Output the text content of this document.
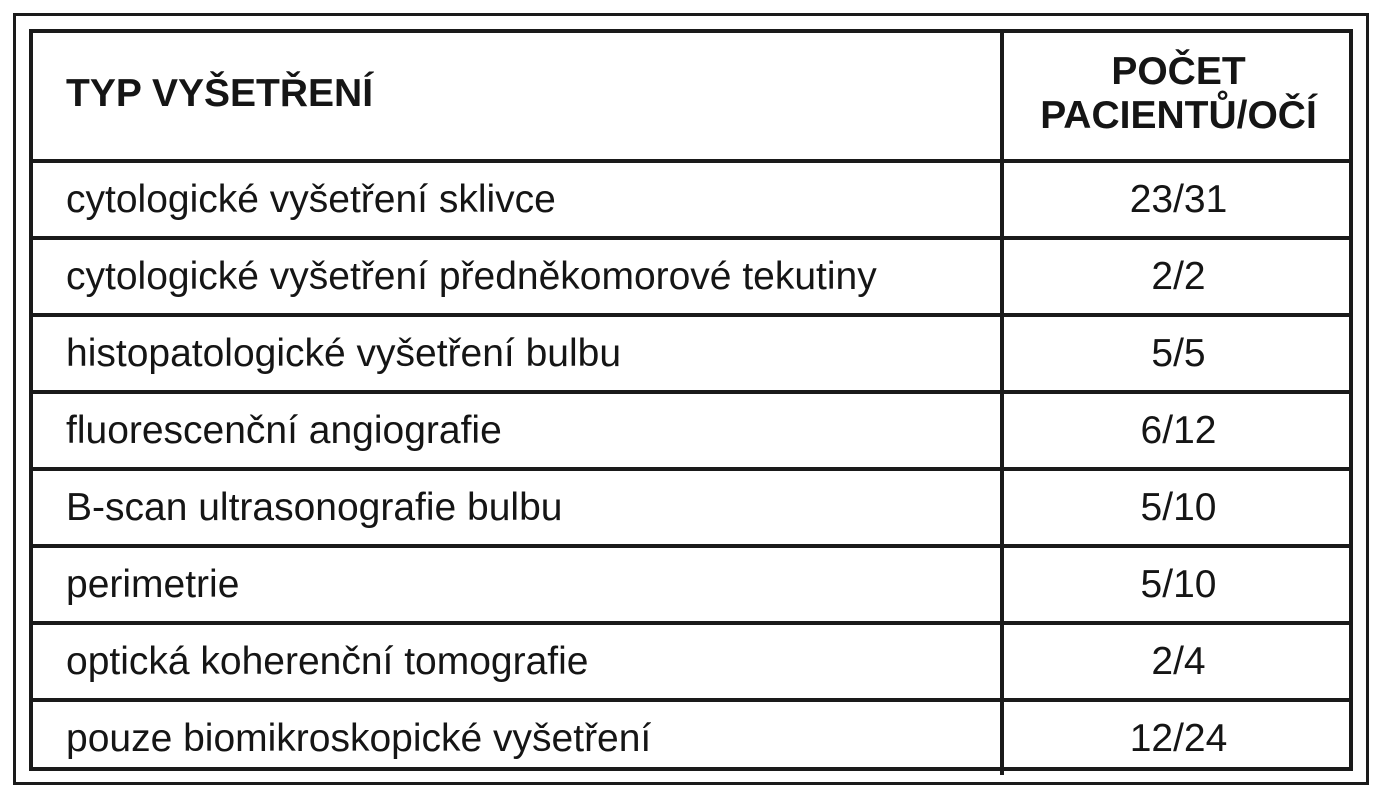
TYP VYŠETŘENÍ	POČET
PACIENTŮ/OČÍ

cytologické vyšetření sklivce	23/31
cytologické vyšetření předněkomorové tekutiny	2/2
histopatologické vyšetření bulbu	5/5
fluorescenční angiografie	6/12
B-scan ultrasonografie bulbu	5/10
perimetrie	5/10
optická koherenční tomografie	2/4
pouze biomikroskopické vyšetření	12/24
